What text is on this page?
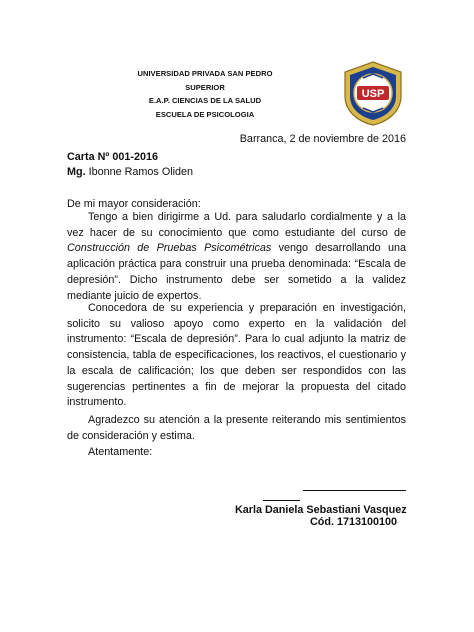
UNIVERSIDAD PRIVADA SAN PEDRO
SUPERIOR
E.A.P. CIENCIAS DE LA SALUD
ESCUELA DE PSICOLOGIA
USP
Barranca, 2 de noviembre de 2016
Carta Nº 001-2016
Mg. Ibonne Ramos Oliden
De mi mayor consideración:
Tengo a bien dirigirme a Ud. para saludarlo cordialmente y a la vez hacer de su conocimiento que como estudiante del curso de Construcción de Pruebas Psicométricas vengo desarrollando una aplicación práctica para construir una prueba denominada: “Escala de depresión”. Dicho instrumento debe ser sometido a la validez mediante juicio de expertos.
Conocedora de su experiencia y preparación en investigación, solicito su valioso apoyo como experto en la validación del instrumento: “Escala de depresión”. Para lo cual adjunto la matriz de consistencia, tabla de especificaciones, los reactivos, el cuestionario y la escala de calificación; los que deben ser respondidos con las sugerencias pertinentes a fin de mejorar la propuesta del citado instrumento.
Agradezco su atención a la presente reiterando mis sentimientos de consideración y estima.
Atentamente:
Karla Daniela Sebastiani Vasquez
Cód. 1713100100
